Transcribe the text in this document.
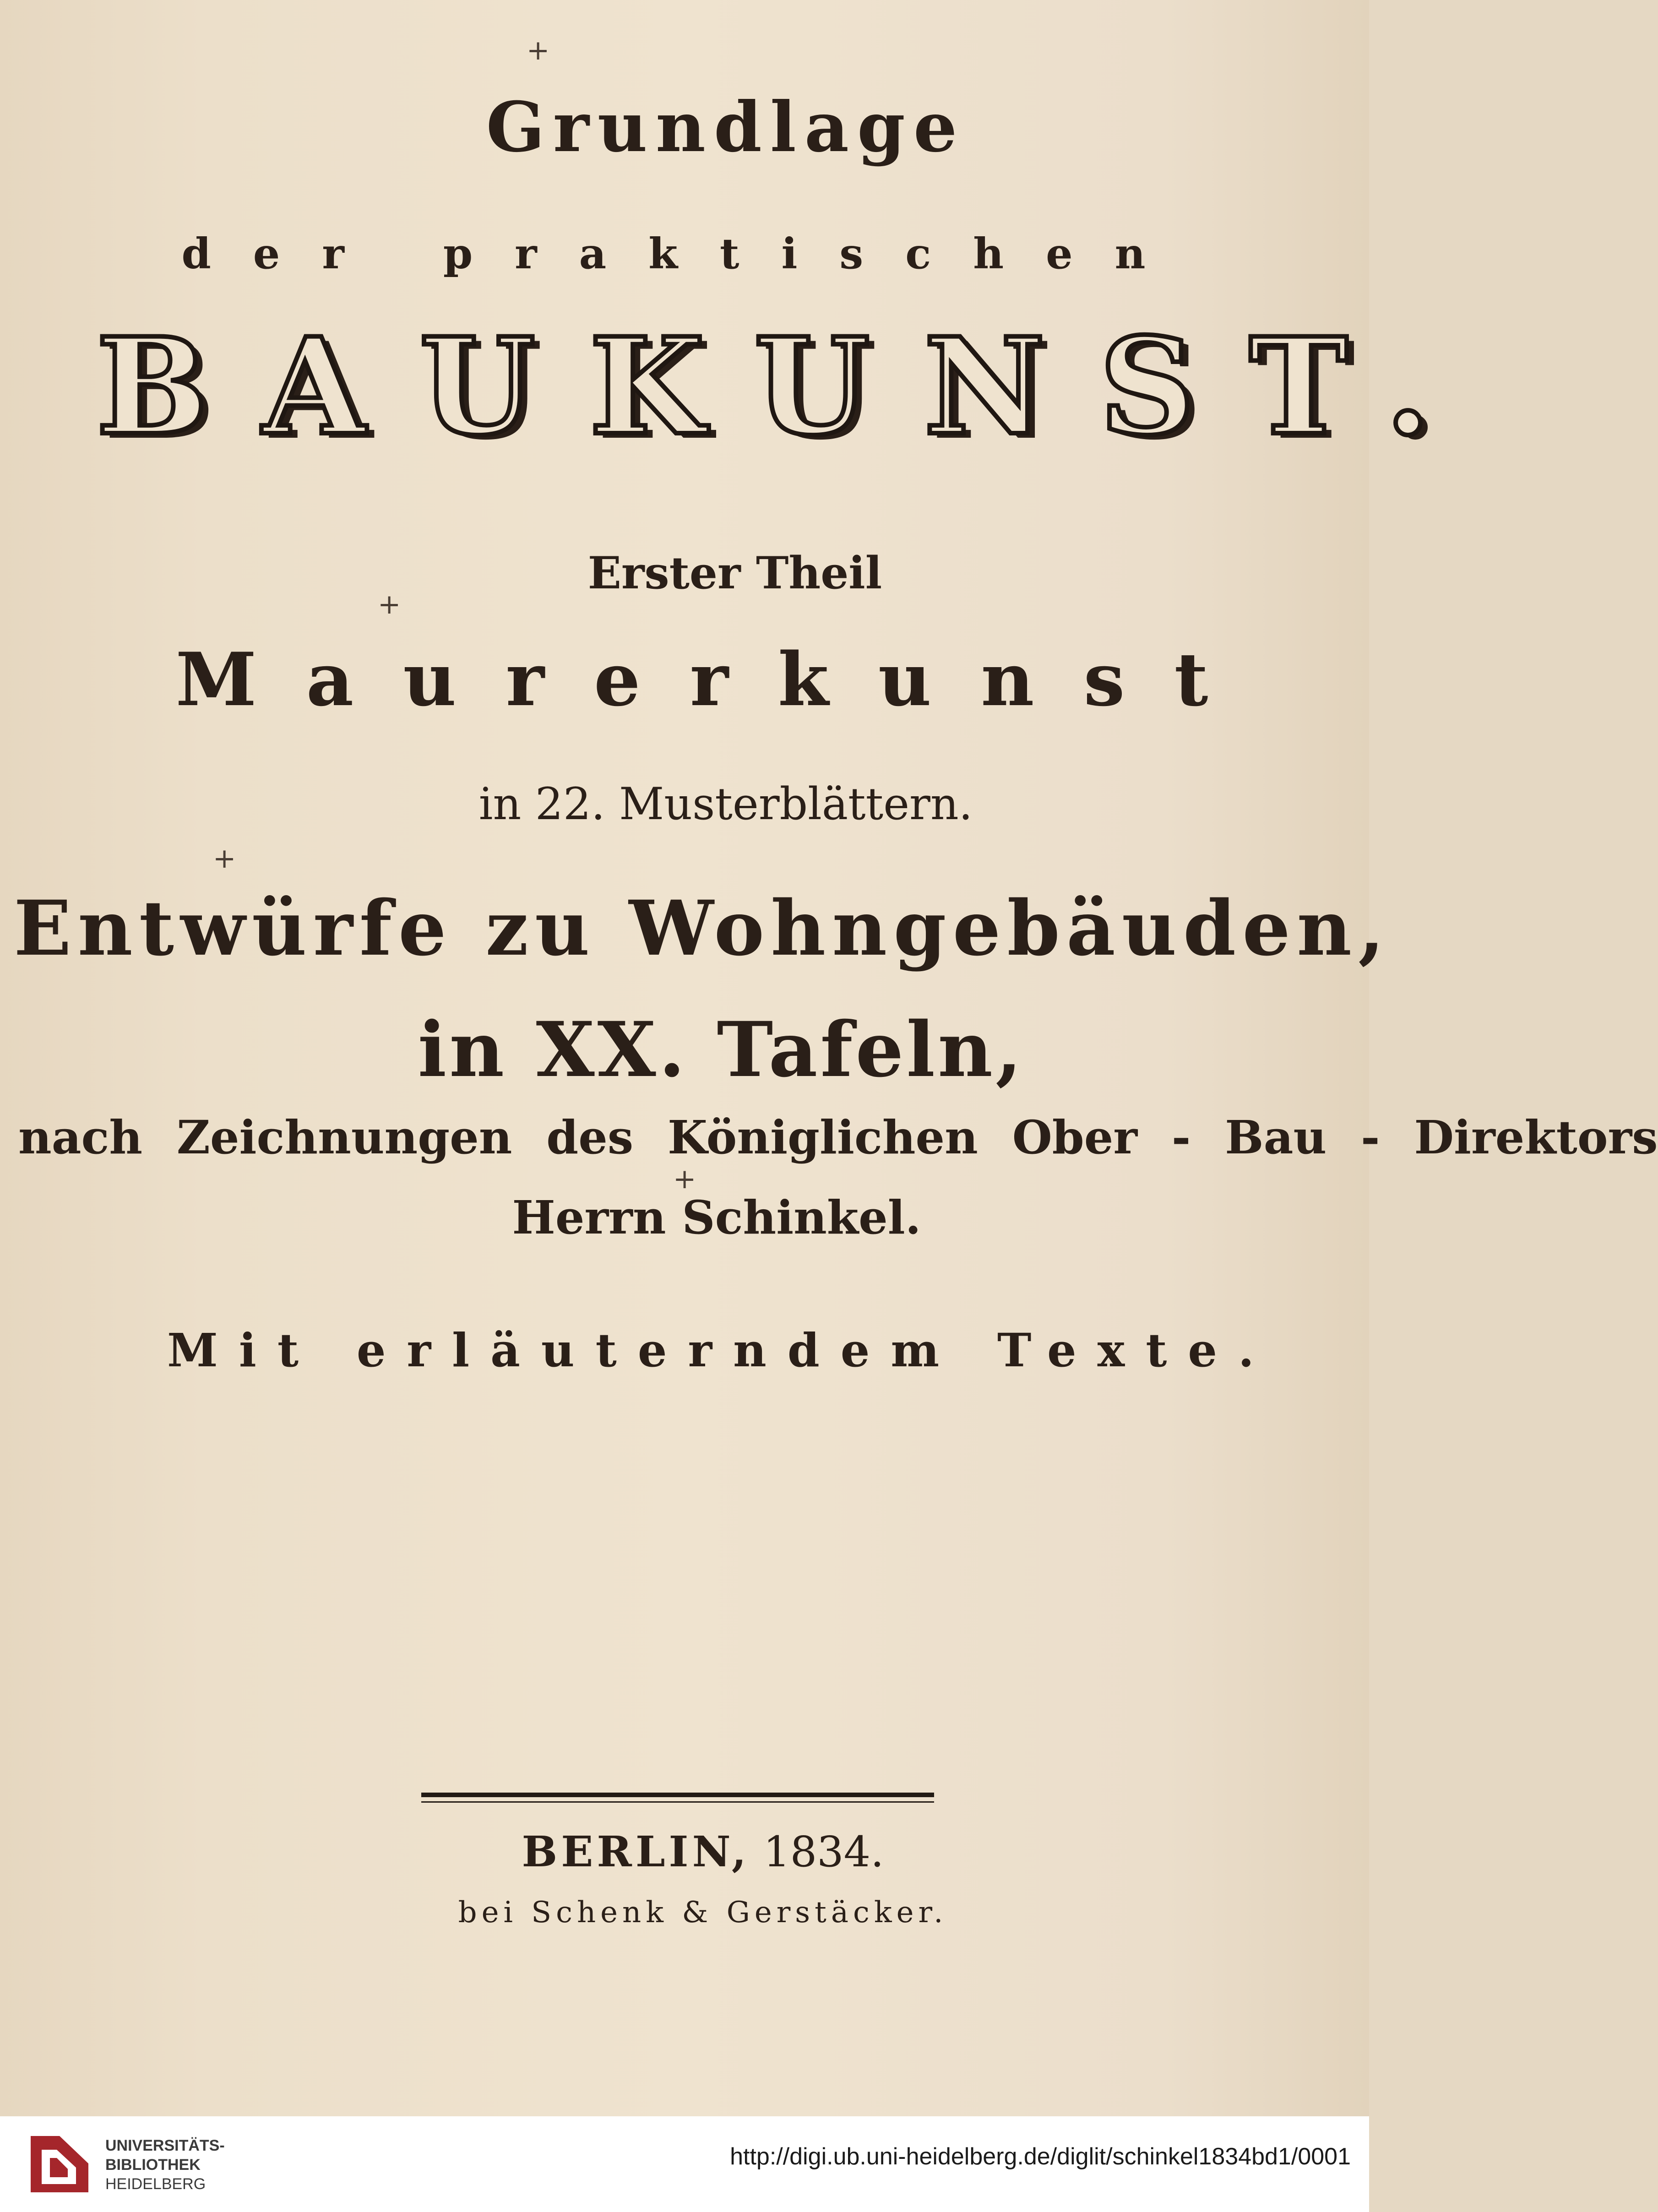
Grundlage
der praktischen
BAUKUNST.
Erster Theil
Maurerkunst
in 22. Musterblättern.
Entwürfe zu Wohngebäuden,
in XX. Tafeln,
nach Zeichnungen des Königlichen Ober - Bau - Direktors
Herrn Schinkel.
Mit erläuterndem Texte.
BERLIN, 1834.
bei Schenk & Gerstäcker.
+
+
+
+
UNIVERSITÄTS-
BIBLIOTHEK
HEIDELBERG
http://digi.ub.uni-heidelberg.de/diglit/schinkel1834bd1/0001
